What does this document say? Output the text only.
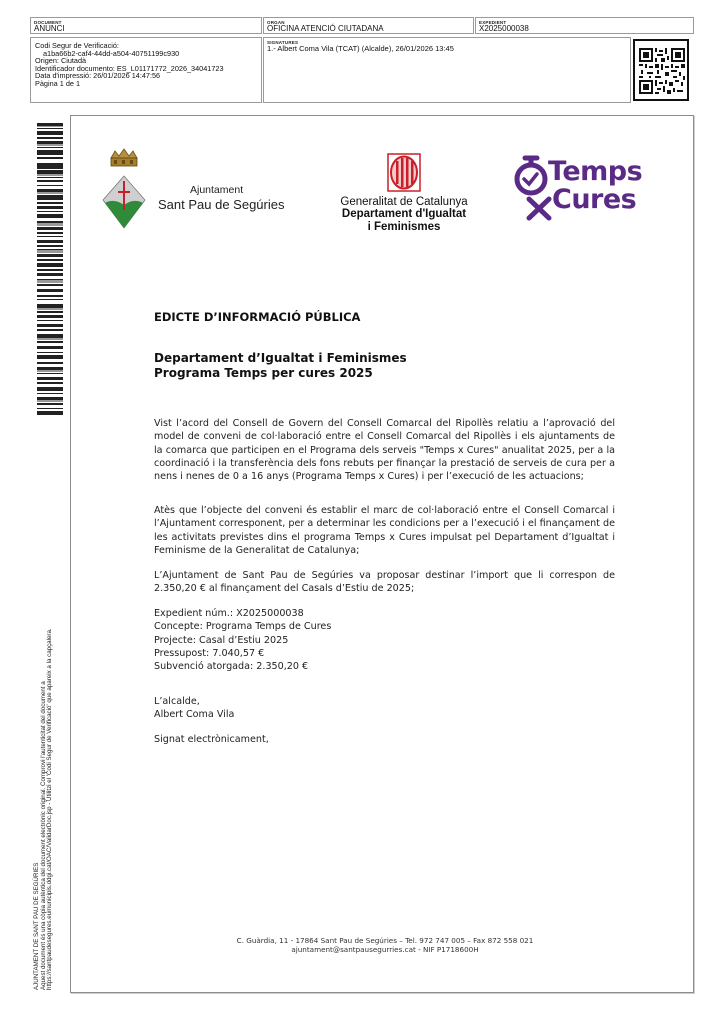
DOCUMENT
ANUNCI
ORGAN
OFICINA ATENCIÓ CIUTADANA
EXPEDIENT
X2025000038
Codi Segur de Verificació:
a1ba66b2-caf4-44dd-a504-40751199c930
Origen: Ciutadà
Identificador documento: ES_L01171772_2026_34041723
Data d'impressió: 26/01/2026 14:47:56
Pàgina 1 de 1
SIGNATURES
1.- Albert Coma Vila (TCAT) (Alcalde), 26/01/2026 13:45
AJUNTAMENT DE SANT PAU DE SEGÚRIES Aquest document és una còpia autèntica del document electrònic original. Comprovi l'autenticitat del document a https://santpaudesegures.eumunicipis.ddgi.cat/OAC/ValidarDoc.jsp - Utilitzi el 'Codi Segur de Verificació' que apareix a la capçalera.
Ajuntament
Sant Pau de Segúries	Generalitat de Catalunya
Departament d'Igualtat
i Feminismes
Temps
Cures
EDICTE D’INFORMACIÓ PÚBLICA
Departament d’Igualtat i Feminismes
Programa Temps per cures 2025

Vist l’acord del Consell de Govern del Consell Comarcal del Ripollès relatiu a l’aprovació del model de conveni de col·laboració entre el Consell Comarcal del Ripollès i els ajuntaments de la comarca que participen en el Programa dels serveis "Temps x Cures" anualitat 2025, per a la coordinació i la transferència dels fons rebuts per finançar la prestació de serveis de cura per a nens i nenes de 0 a 16 anys (Programa Temps x Cures) i per l’execució de les actuacions;

Atès que l’objecte del conveni és establir el marc de col·laboració entre el Consell Comarcal i l’Ajuntament corresponent, per a determinar les condicions per a l’execució i el finançament de les activitats previstes dins el programa Temps x Cures impulsat pel Departament d’Igualtat i Feminisme de la Generalitat de Catalunya;

L’Ajuntament de Sant Pau de Segúries va proposar destinar l’import que li correspon de 2.350,20 € al finançament del Casals d’Estiu de 2025;

Expedient núm.: X2025000038
Concepte: Programa Temps de Cures
Projecte: Casal d’Estiu 2025
Pressupost: 7.040,57 €
Subvenció atorgada: 2.350,20 €
L’alcalde,
Albert Coma Vila
Signat electrònicament,
C. Guàrdia, 11 - 17864 Sant Pau de Segúries – Tel. 972 747 005 – Fax 872 558 021
ajuntament@santpausegurries.cat - NIF P1718600H
